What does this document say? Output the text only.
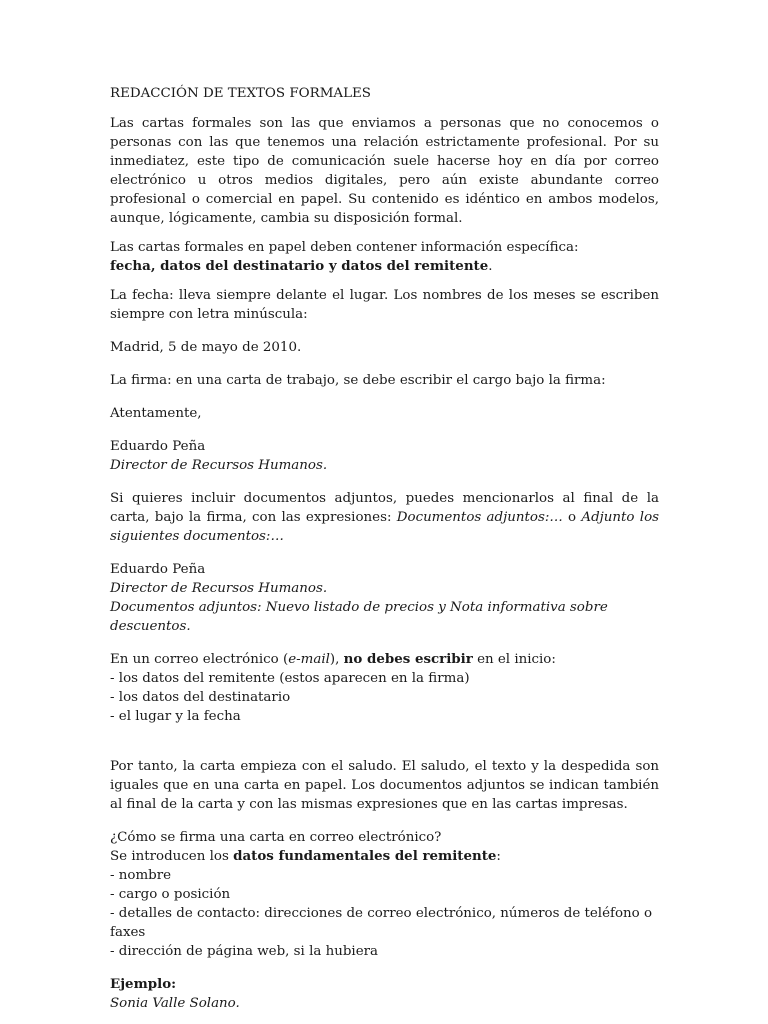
REDACCIÓN DE TEXTOS FORMALES

Las cartas formales son las que enviamos a personas que no conocemos o personas con las que tenemos una relación estrictamente profesional. Por su inmediatez, este tipo de comunicación suele hacerse hoy en día por correo electrónico u otros medios digitales, pero aún existe abundante correo profesional o comercial en papel. Su contenido es idéntico en ambos modelos, aunque, lógicamente, cambia su disposición formal.

Las cartas formales en papel deben contener información específica:
fecha, datos del destinatario y datos del remitente.

La fecha: lleva siempre delante el lugar. Los nombres de los meses se escriben siempre con letra minúscula:

Madrid, 5 de mayo de 2010.

La firma: en una carta de trabajo, se debe escribir el cargo bajo la firma:

Atentamente,

Eduardo Peña
Director de Recursos Humanos.

Si quieres incluir documentos adjuntos, puedes mencionarlos al final de la carta, bajo la firma, con las expresiones: Documentos adjuntos:… o Adjunto los siguientes documentos:…

Eduardo Peña
Director de Recursos Humanos.
Documentos adjuntos: Nuevo listado de precios y Nota informativa sobre descuentos.

En un correo electrónico (e-mail), no debes escribir en el inicio:
- los datos del remitente (estos aparecen en la firma)
- los datos del destinatario
- el lugar y la fecha

Por tanto, la carta empieza con el saludo. El saludo, el texto y la despedida son iguales que en una carta en papel. Los documentos adjuntos se indican también al final de la carta y con las mismas expresiones que en las cartas impresas.

¿Cómo se firma una carta en correo electrónico?
Se introducen los datos fundamentales del remitente:
- nombre
- cargo o posición
- detalles de contacto: direcciones de correo electrónico, números de teléfono o faxes
- dirección de página web, si la hubiera

Ejemplo:
Sonia Valle Solano.
